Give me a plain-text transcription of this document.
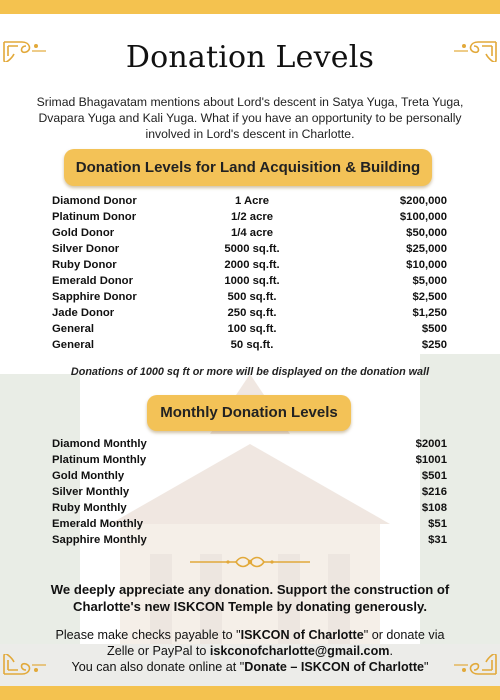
Donation Levels
Srimad Bhagavatam mentions about Lord's descent in Satya Yuga, Treta Yuga, Dvapara Yuga and Kali Yuga. What if you have an opportunity to be personally involved in Lord's descent in Charlotte.
Donation Levels for Land Acquisition & Building
Diamond Donor	1 Acre	$200,000
Platinum Donor	1/2 acre	$100,000
Gold Donor	1/4 acre	$50,000
Silver Donor	5000 sq.ft.	$25,000
Ruby Donor	2000 sq.ft.	$10,000
Emerald Donor	1000 sq.ft.	$5,000
Sapphire Donor	500 sq.ft.	$2,500
Jade Donor	250 sq.ft.	$1,250
General	100 sq.ft.	$500
General	50 sq.ft.	$250
Donations of 1000 sq ft or more will be displayed on the donation wall
Monthly Donation Levels
Diamond Monthly	$2001
Platinum Monthly	$1001
Gold Monthly	$501
Silver Monthly	$216
Ruby Monthly	$108
Emerald Monthly	$51
Sapphire Monthly	$31
We deeply appreciate any donation. Support the construction of Charlotte's new ISKCON Temple by donating generously.
Please make checks payable to "ISKCON of Charlotte" or donate via
Zelle or PayPal to iskconofcharlotte@gmail.com.
You can also donate online at "Donate – ISKCON of Charlotte"
